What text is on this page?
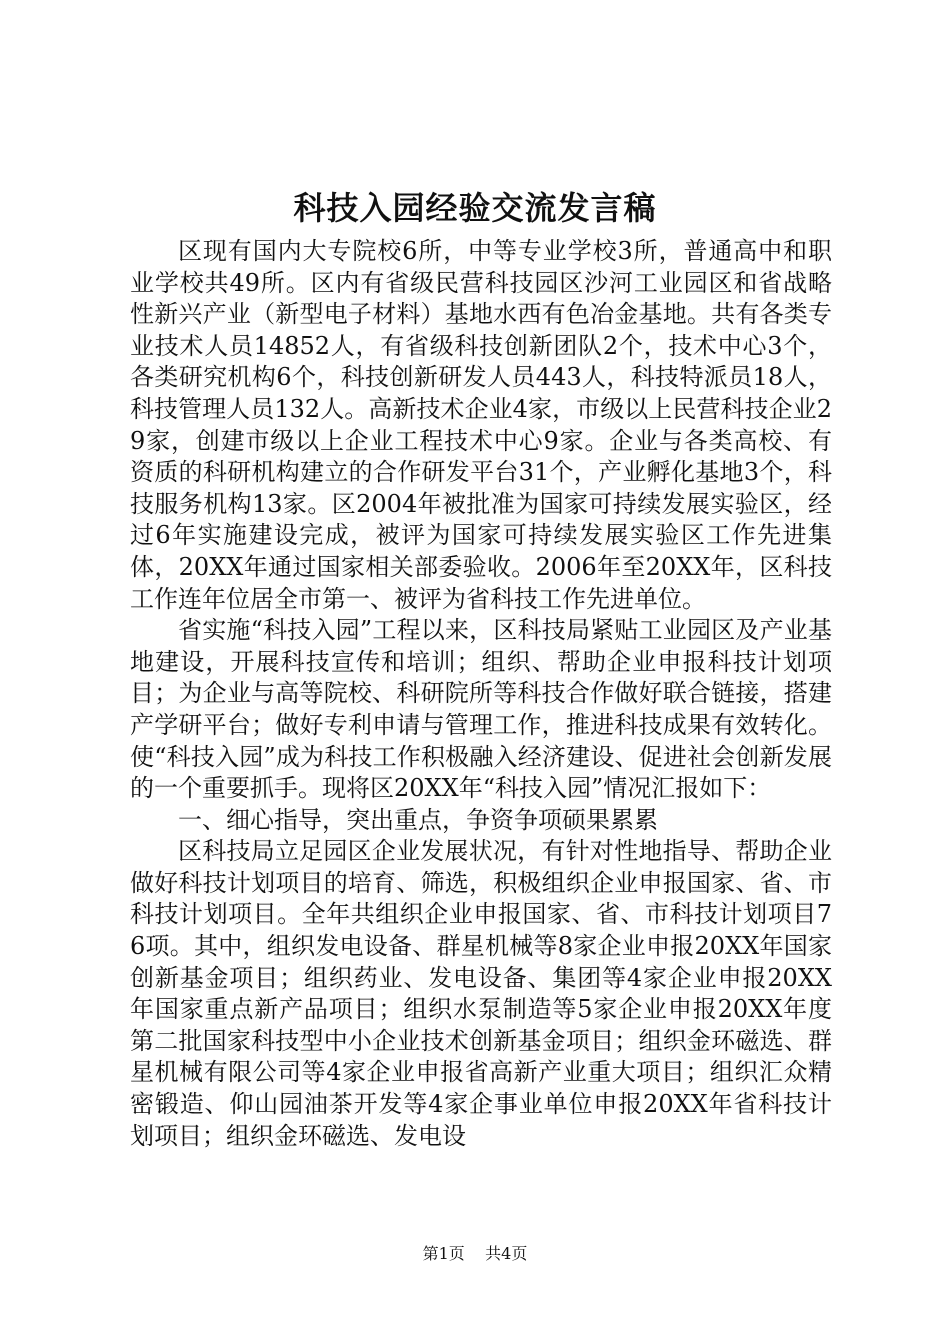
科技入园经验交流发言稿

区现有国内大专院校6所，中等专业学校3所，普通高中和职业学校共49所。区内有省级民营科技园区沙河工业园区和省战略性新兴产业（新型电子材料）基地水西有色冶金基地。共有各类专业技术人员14852人，有省级科技创新团队2个，技术中心3个，各类研究机构6个，科技创新研发人员443人，科技特派员18人，科技管理人员132人。高新技术企业4家，市级以上民营科技企业29家，创建市级以上企业工程技术中心9家。企业与各类高校、有资质的科研机构建立的合作研发平台31个，产业孵化基地3个，科技服务机构13家。区2004年被批准为国家可持续发展实验区，经过6年实施建设完成，被评为国家可持续发展实验区工作先进集体，20XX年通过国家相关部委验收。2006年至20XX年，区科技工作连年位居全市第一、被评为省科技工作先进单位。

省实施“科技入园”工程以来，区科技局紧贴工业园区及产业基地建设，开展科技宣传和培训；组织、帮助企业申报科技计划项目；为企业与高等院校、科研院所等科技合作做好联合链接，搭建产学研平台；做好专利申请与管理工作，推进科技成果有效转化。使“科技入园”成为科技工作积极融入经济建设、促进社会创新发展的一个重要抓手。现将区20XX年“科技入园”情况汇报如下：

一、细心指导，突出重点，争资争项硕果累累

区科技局立足园区企业发展状况，有针对性地指导、帮助企业做好科技计划项目的培育、筛选，积极组织企业申报国家、省、市科技计划项目。全年共组织企业申报国家、省、市科技计划项目76项。其中，组织发电设备、群星机械等8家企业申报20XX年国家创新基金项目；组织药业、发电设备、集团等4家企业申报20XX年国家重点新产品项目；组织水泵制造等5家企业申报20XX年度第二批国家科技型中小企业技术创新基金项目；组织金环磁选、群星机械有限公司等4家企业申报省高新产业重大项目；组织汇众精密锻造、仰山园油茶开发等4家企事业单位申报20XX年省科技计划项目；组织金环磁选、发电设

第1页 共4页
